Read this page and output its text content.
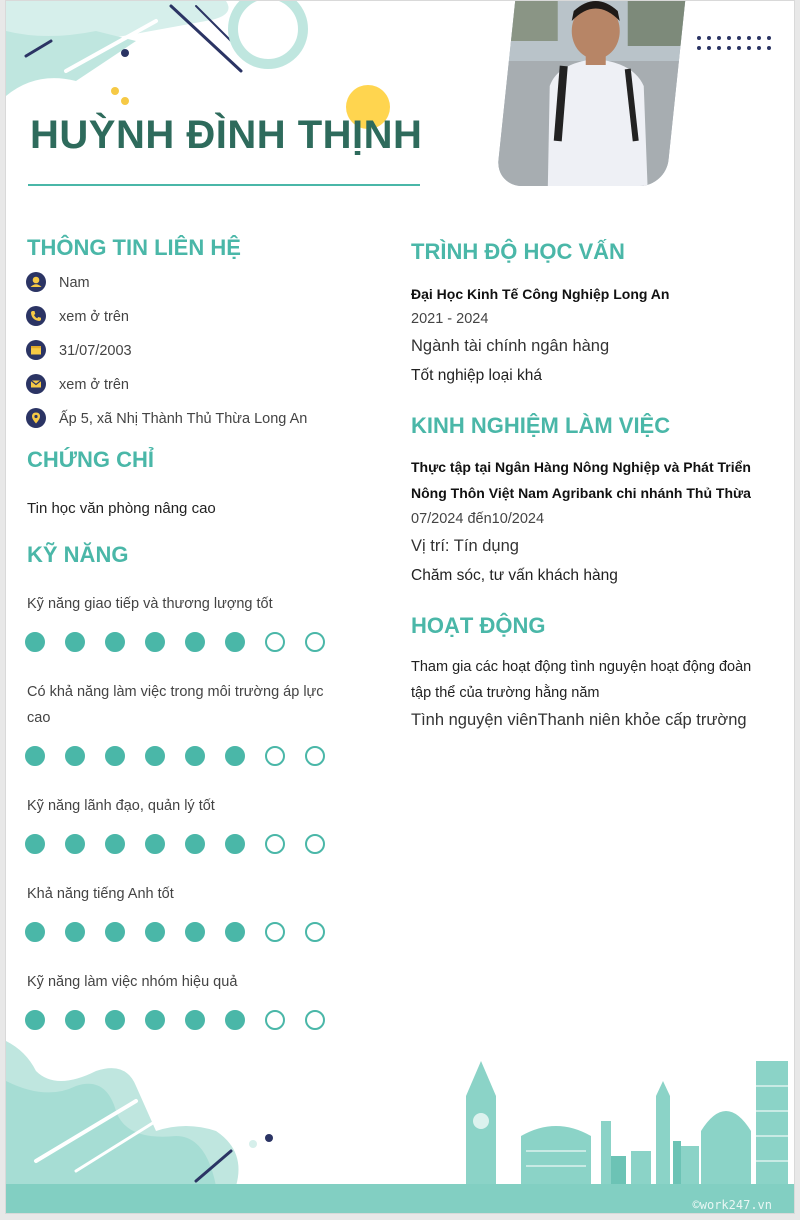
HUỲNH ĐÌNH THỊNH
THÔNG TIN LIÊN HỆ
Nam
xem ở trên
31/07/2003
xem ở trên
Ấp 5, xã Nhị Thành Thủ Thừa Long An
CHỨNG CHỈ
Tin học văn phòng nâng cao
KỸ NĂNG
Kỹ năng giao tiếp và thương lượng tốt
Có khả năng làm việc trong môi trường áp lực cao
Kỹ năng lãnh đạo, quản lý tốt
Khả năng tiếng Anh tốt
Kỹ năng làm việc nhóm hiệu quả
TRÌNH ĐỘ HỌC VẤN
Đại Học Kinh Tế Công Nghiệp Long An
2021 - 2024
Ngành tài chính ngân hàng
Tốt nghiệp loại khá
KINH NGHIỆM LÀM VIỆC
Thực tập tại Ngân Hàng Nông Nghiệp và Phát Triển
Nông Thôn Việt Nam Agribank chi nhánh Thủ Thừa
07/2024 đến10/2024
Vị trí: Tín dụng
Chăm sóc, tư vấn khách hàng
HOẠT ĐỘNG
Tham gia các hoạt động tình nguyện hoạt động đoàn
tập thể của trường hằng năm
Tình nguyện viênThanh niên khỏe cấp trường
©work247.vn
